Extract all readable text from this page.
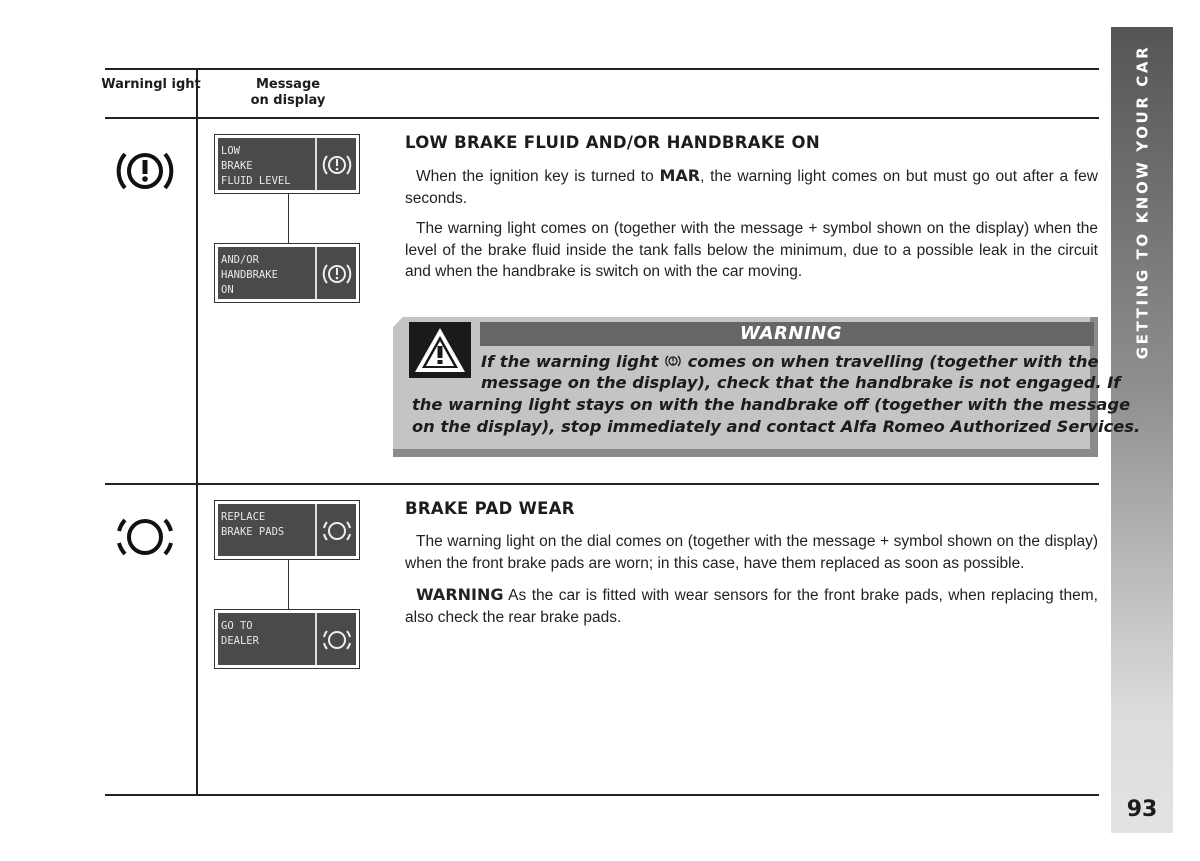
GETTING TO KNOW YOUR CAR
93
Warningl ight	Message
on display
LOW
BRAKE
FLUID LEVEL
AND/OR
HANDBRAKE
ON
LOW BRAKE FLUID AND/OR HANDBRAKE ON

When the ignition key is turned to MAR, the warning light comes on but must go out after a few seconds.

The warning light comes on (together with the message + symbol shown on the display) when the level of the brake fluid inside the tank falls below the minimum, due to a possible leak in the circuit and when the handbrake is switch on with the car moving.

WARNING
If the warning light  comes on when travelling (together with the
message on the display), check that the handbrake is not engaged. If
the warning light stays on with the handbrake off (together with the message
on the display), stop immediately and contact Alfa Romeo Authorized Services.
REPLACE
BRAKE PADS
GO TO
DEALER
BRAKE PAD WEAR

The warning light on the dial comes on (together with the message + symbol shown on the display) when the front brake pads are worn; in this case, have them replaced as soon as possible.

WARNING As the car is fitted with wear sensors for the front brake pads, when replacing them, also check the rear brake pads.
